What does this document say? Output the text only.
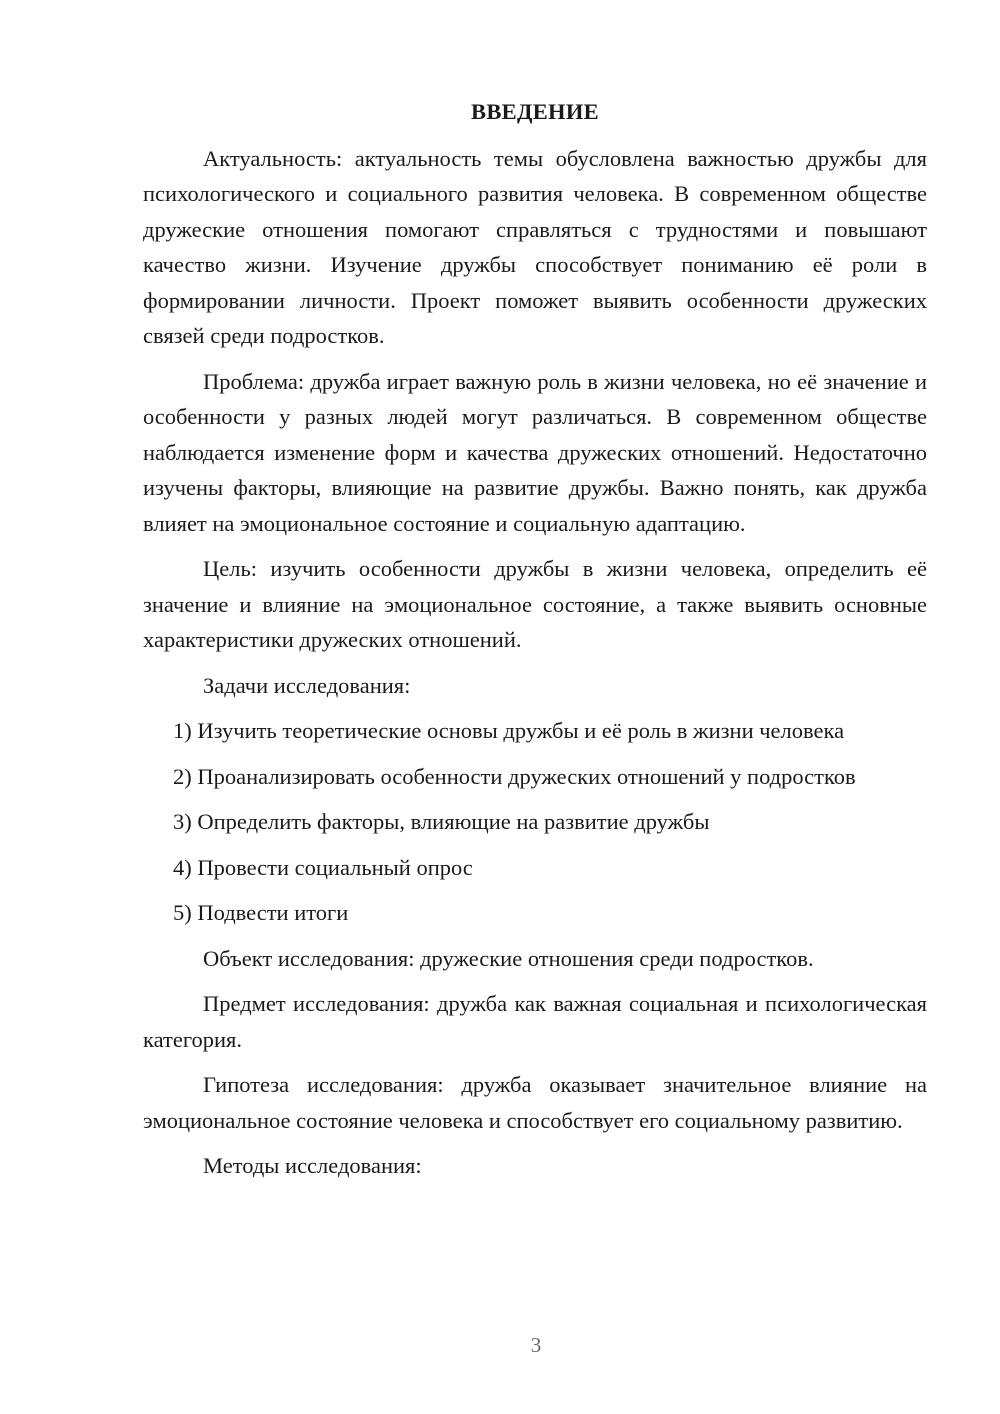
ВВЕДЕНИЕ

Актуальность: актуальность темы обусловлена важностью дружбы для психологического и социального развития человека. В современном обществе дружеские отношения помогают справляться с трудностями и повышают качество жизни. Изучение дружбы способствует пониманию её роли в формировании личности. Проект поможет выявить особенности дружеских связей среди подростков.

Проблема: дружба играет важную роль в жизни человека, но её значение и особенности у разных людей могут различаться. В современном обществе наблюдается изменение форм и качества дружеских отношений. Недостаточно изучены факторы, влияющие на развитие дружбы. Важно понять, как дружба влияет на эмоциональное состояние и социальную адаптацию.

Цель: изучить особенности дружбы в жизни человека, определить её значение и влияние на эмоциональное состояние, а также выявить основные характеристики дружеских отношений.

Задачи исследования:

1) Изучить теоретические основы дружбы и её роль в жизни человека

2) Проанализировать особенности дружеских отношений у подростков

3) Определить факторы, влияющие на развитие дружбы

4) Провести социальный опрос

5) Подвести итоги

Объект исследования: дружеские отношения среди подростков.

Предмет исследования: дружба как важная социальная и психологическая категория.

Гипотеза исследования: дружба оказывает значительное влияние на эмоциональное состояние человека и способствует его социальному развитию.

Методы исследования:

3
